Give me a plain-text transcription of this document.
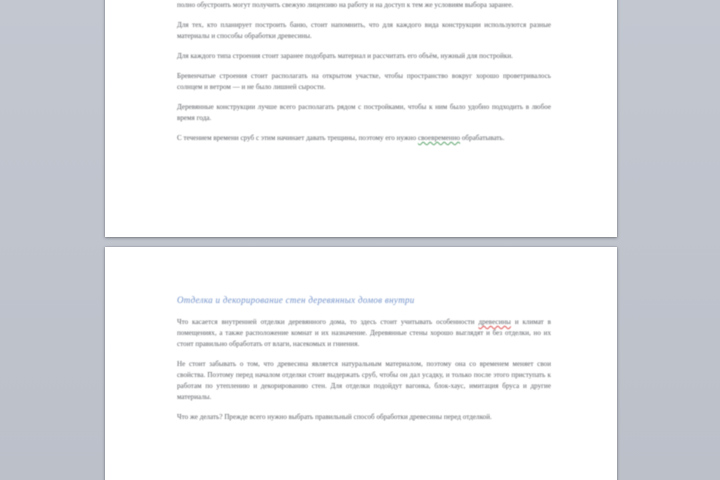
полно обустроить могут получить свежую лицензию на работу и на доступ к тем же условиям выбора заранее.

Для тех, кто планирует построить баню, стоит напомнить, что для каждого вида конструкции используются разные материалы и способы обработки древесины.

Для каждого типа строения стоит заранее подобрать материал и рассчитать его объём, нужный для постройки.

Бревенчатые строения стоит располагать на открытом участке, чтобы пространство вокруг хорошо проветривалось солнцем и ветром — и не было лишней сырости.

Деревянные конструкции лучше всего располагать рядом с постройками, чтобы к ним было удобно подходить в любое время года.

С течением времени сруб с этим начинает давать трещины, поэтому его нужно своевременно обрабатывать.

Отделка и декорирование стен деревянных домов внутри

Что касается внутренней отделки деревянного дома, то здесь стоит учитывать особенности древесины и климат в помещениях, а также расположение комнат и их назначение. Деревянные стены хорошо выглядят и без отделки, но их стоит правильно обработать от влаги, насекомых и гниения.

Не стоит забывать о том, что древесина является натуральным материалом, поэтому она со временем меняет свои свойства. Поэтому перед началом отделки стоит выдержать сруб, чтобы он дал усадку, и только после этого приступать к работам по утеплению и декорированию стен. Для отделки подойдут вагонка, блок-хаус, имитация бруса и другие материалы.

Что же делать? Прежде всего нужно выбрать правильный способ обработки древесины перед отделкой.
